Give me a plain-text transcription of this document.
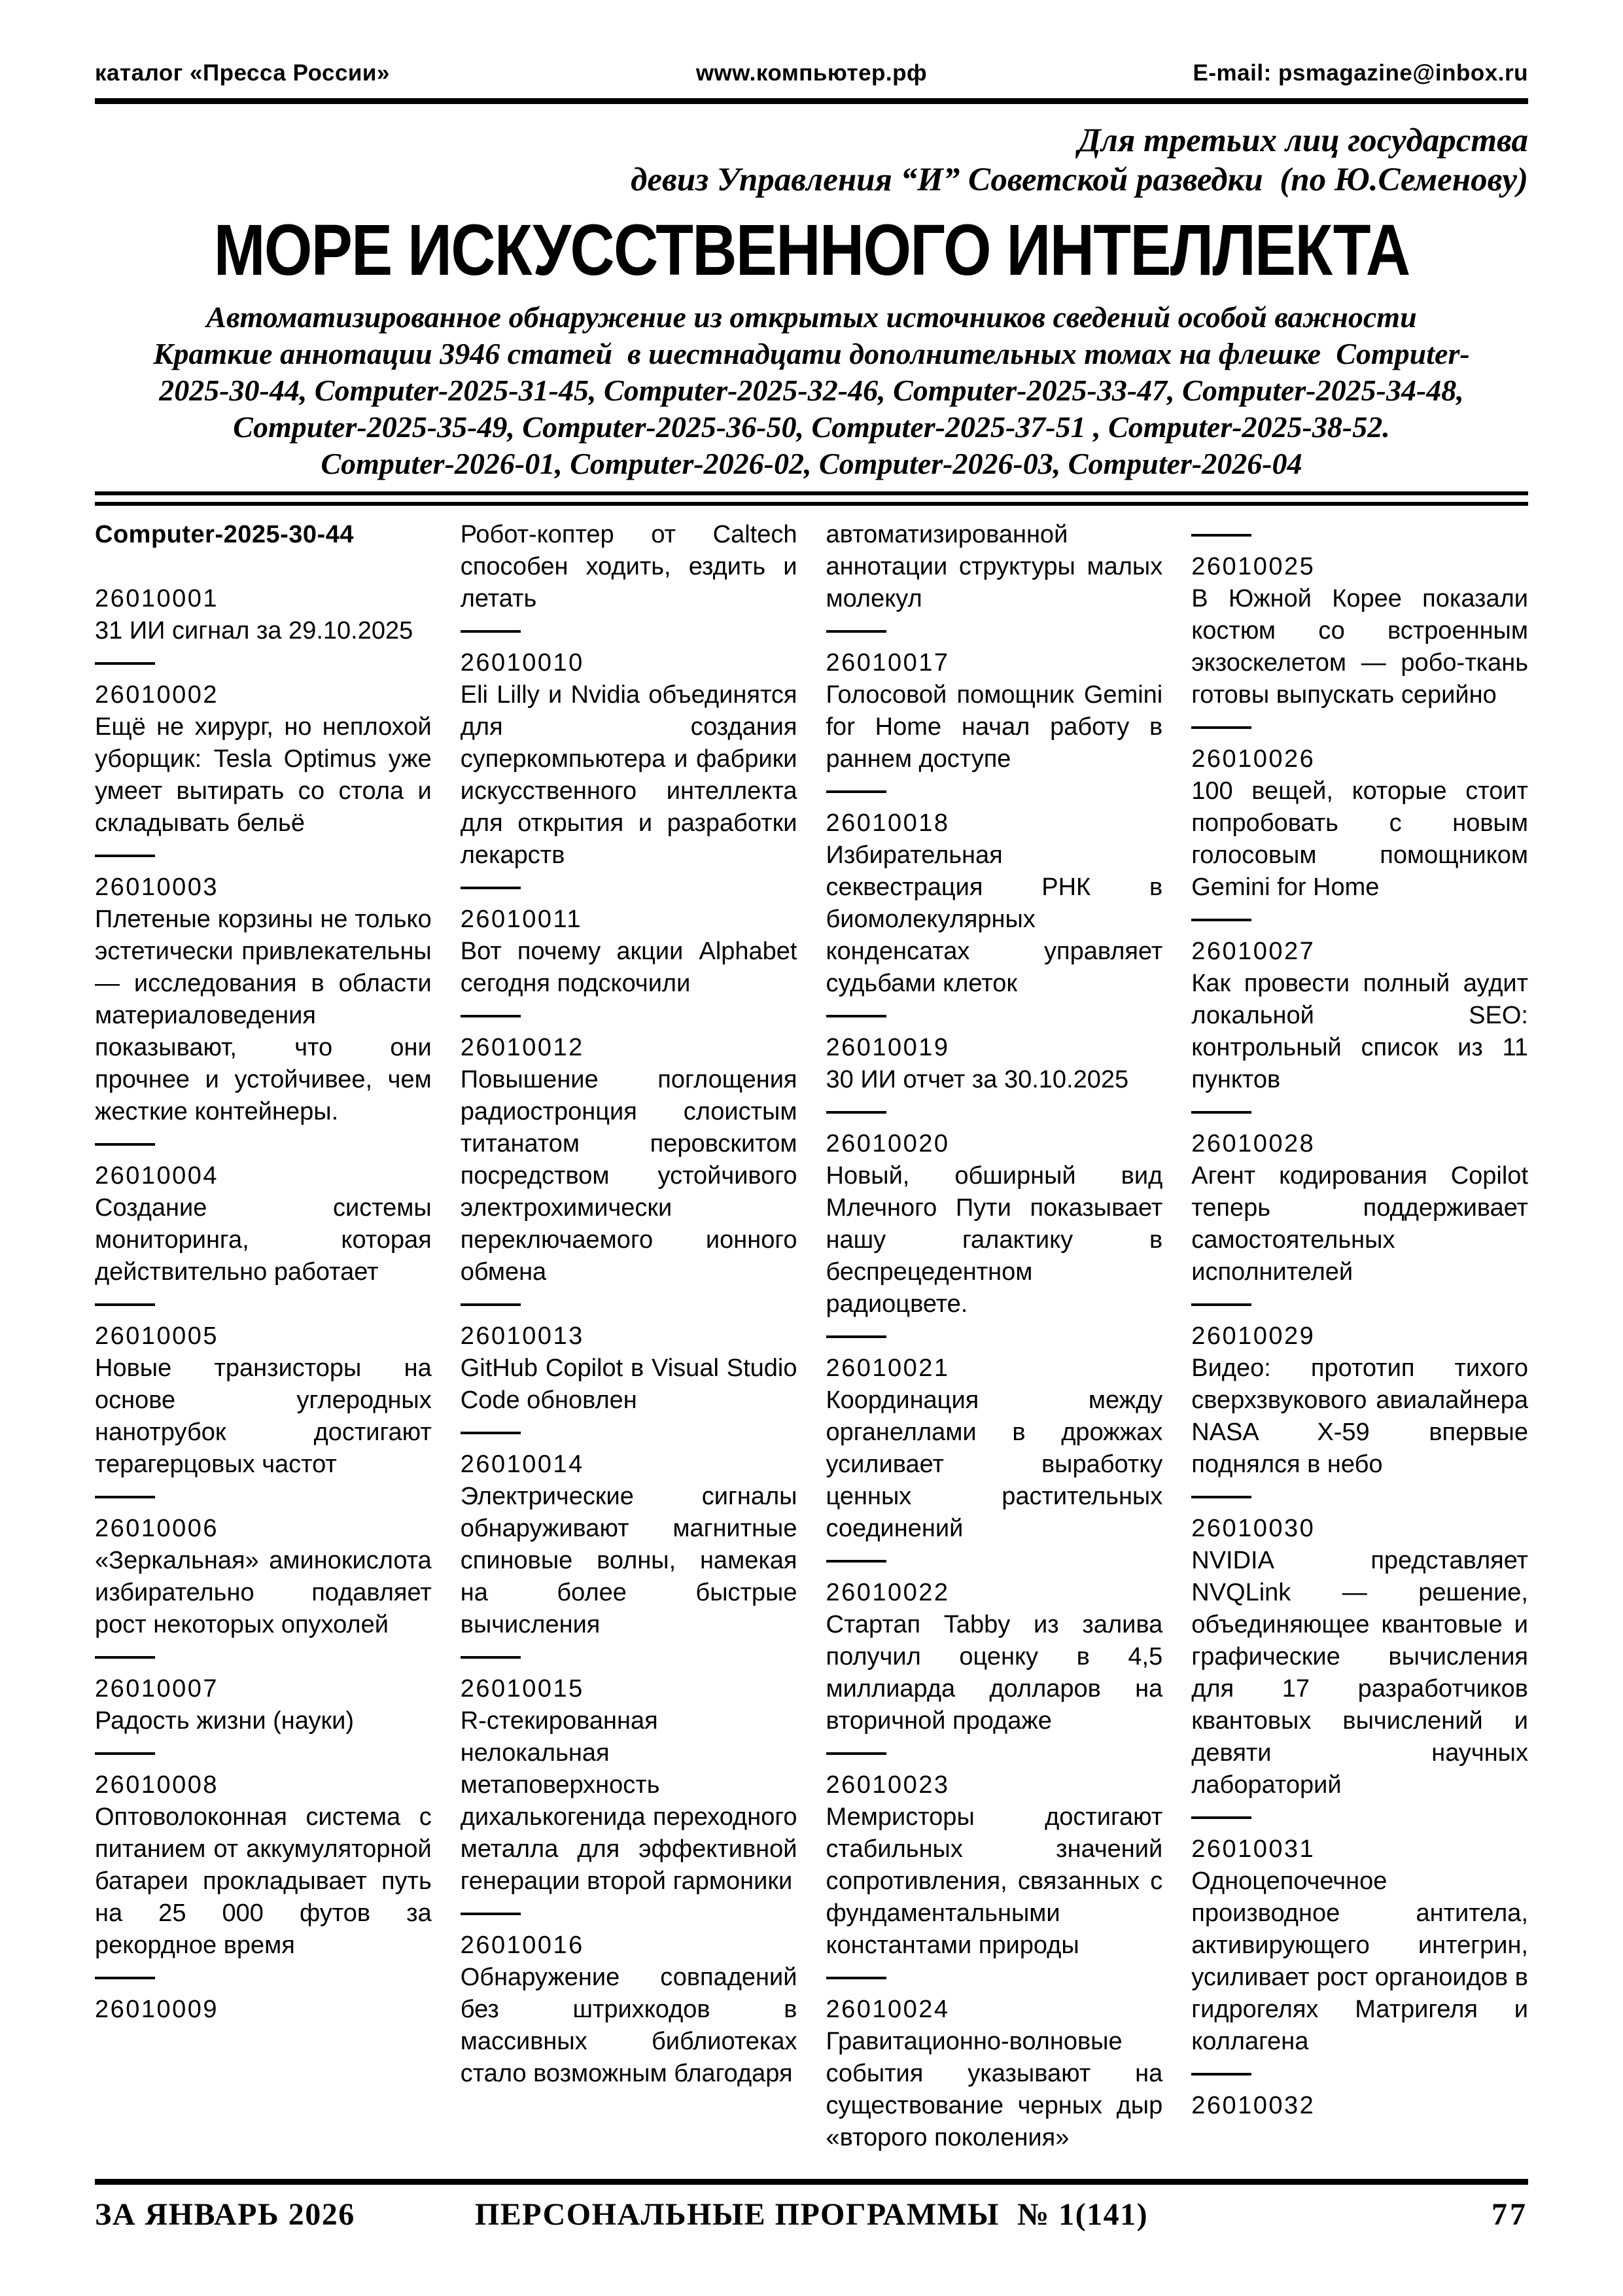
каталог «Пресса России»	www.компьютер.рф	E-mail: psmagazine@inbox.ru
Для третьих лиц государства
девиз Управления “И” Советской разведки  (по Ю.Семенову)
МОРЕ ИСКУССТВЕННОГО ИНТЕЛЛЕКТА
Автоматизированное обнаружение из открытых источников сведений особой важности
Краткие аннотации 3946 статей  в шестнадцати дополнительных томах на флешке  Computer-
2025-30-44, Computer-2025-31-45, Computer-2025-32-46, Computer-2025-33-47, Computer-2025-34-48,
Computer-2025-35-49, Computer-2025-36-50, Computer-2025-37-51 , Computer-2025-38-52.
Computer-2026-01, Computer-2026-02, Computer-2026-03, Computer-2026-04
Computer-2025-30-44
26010001
31 ИИ сигнал за 29.10.2025
26010002
Ещё не хирург, но неплохой уборщик: Tesla Optimus уже умеет вытирать со стола и складывать бельё
26010003
Плетеные корзины не только эстетически привлекательны — исследования в области материаловедения показывают, что они прочнее и устойчивее, чем жесткие контейнеры.
26010004
Создание системы мониторинга, которая действительно работает
26010005
Новые транзисторы на основе углеродных нанотрубок достигают терагерцовых частот
26010006
«Зеркальная» аминокислота избирательно подавляет рост некоторых опухолей
26010007
Радость жизни (науки)
26010008
Оптоволоконная система с питанием от аккумуляторной батареи прокладывает путь на 25 000 футов за рекордное время
26010009
Робот-коптер от Caltech способен ходить, ездить и летать
26010010
Eli Lilly и Nvidia объединятся для создания суперкомпьютера и фабрики искусственного интеллекта для открытия и разработки лекарств
26010011
Вот почему акции Alphabet сегодня подскочили
26010012
Повышение поглощения радиостронция слоистым титанатом перовскитом посредством устойчивого электрохимически переключаемого ионного обмена
26010013
GitHub Copilot в Visual Studio Code обновлен
26010014
Электрические сигналы обнаруживают магнитные спиновые волны, намекая на более быстрые вычисления
26010015
R-стекированная нелокальная метаповерхность дихалькогенида переходного металла для эффективной генерации второй гармоники
26010016
Обнаружение совпадений без штрихкодов в массивных библиотеках стало возможным благодаря
автоматизированной аннотации структуры малых молекул
26010017
Голосовой помощник Gemini for Home начал работу в раннем доступе
26010018
Избирательная секвестрация РНК в биомолекулярных конденсатах управляет судьбами клеток
26010019
30 ИИ отчет за 30.10.2025
26010020
Новый, обширный вид Млечного Пути показывает нашу галактику в беспрецедентном радиоцвете.
26010021
Координация между органеллами в дрожжах усиливает выработку ценных растительных соединений
26010022
Стартап Tabby из залива получил оценку в 4,5 миллиарда долларов на вторичной продаже
26010023
Мемристоры достигают стабильных значений сопротивления, связанных с фундаментальными константами природы
26010024
Гравитационно-волновые события указывают на существование черных дыр «второго поколения»
26010025
В Южной Корее показали костюм со встроенным экзоскелетом — робо-ткань готовы выпускать серийно
26010026
100 вещей, которые стоит попробовать с новым голосовым помощником Gemini for Home
26010027
Как провести полный аудит локальной SEO: контрольный список из 11 пунктов
26010028
Агент кодирования Copilot теперь поддерживает самостоятельных исполнителей
26010029
Видео: прототип тихого сверхзвукового авиалайнера NASA X-59 впервые поднялся в небо
26010030
NVIDIA представляет NVQLink — решение, объединяющее квантовые и графические вычисления для 17 разработчиков квантовых вычислений и девяти научных лабораторий
26010031
Одноцепочечное производное антитела, активирующего интегрин, усиливает рост органоидов в гидрогелях Матригеля и коллагена
26010032
ЗА ЯНВАРЬ 2026	ПЕРСОНАЛЬНЫЕ ПРОГРАММЫ  № 1(141)	77
